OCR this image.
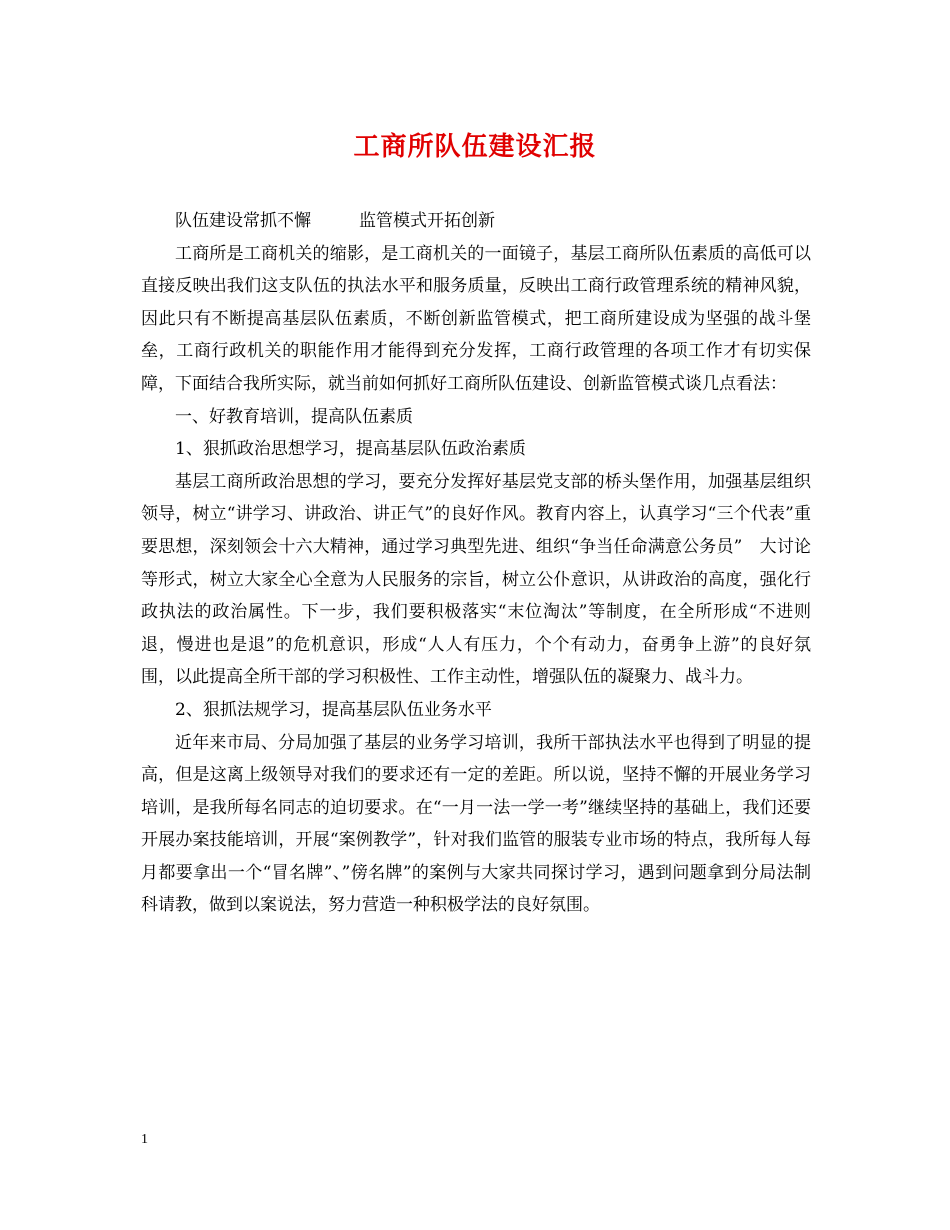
工商所队伍建设汇报

队伍建设常抓不懈	监管模式开拓创新

工商所是工商机关的缩影，是工商机关的一面镜子，基层工商所队伍素质的高低可以直接反映出我们这支队伍的执法水平和服务质量，反映出工商行政管理系统的精神风貌，因此只有不断提高基层队伍素质，不断创新监管模式，把工商所建设成为坚强的战斗堡垒，工商行政机关的职能作用才能得到充分发挥，工商行政管理的各项工作才有切实保障，下面结合我所实际，就当前如何抓好工商所队伍建设、创新监管模式谈几点看法：

一、好教育培训，提高队伍素质

1、狠抓政治思想学习，提高基层队伍政治素质

基层工商所政治思想的学习，要充分发挥好基层党支部的桥头堡作用，加强基层组织领导，树立“讲学习、讲政治、讲正气”的良好作风。教育内容上，认真学习“三个代表”重要思想，深刻领会十六大精神，通过学习典型先进、组织“争当任命满意公务员”　大讨论等形式，树立大家全心全意为人民服务的宗旨，树立公仆意识，从讲政治的高度，强化行政执法的政治属性。下一步，我们要积极落实“末位淘汰”等制度，在全所形成“不进则退，慢进也是退”的危机意识，形成“人人有压力，个个有动力，奋勇争上游”的良好氛围，以此提高全所干部的学习积极性、工作主动性，增强队伍的凝聚力、战斗力。

2、狠抓法规学习，提高基层队伍业务水平

近年来市局、分局加强了基层的业务学习培训，我所干部执法水平也得到了明显的提高，但是这离上级领导对我们的要求还有一定的差距。所以说，坚持不懈的开展业务学习培训，是我所每名同志的迫切要求。在“一月一法一学一考”继续坚持的基础上，我们还要开展办案技能培训，开展“案例教学”，针对我们监管的服装专业市场的特点，我所每人每月都要拿出一个“冒名牌”、”傍名牌”的案例与大家共同探讨学习，遇到问题拿到分局法制科请教，做到以案说法，努力营造一种积极学法的良好氛围。

1
